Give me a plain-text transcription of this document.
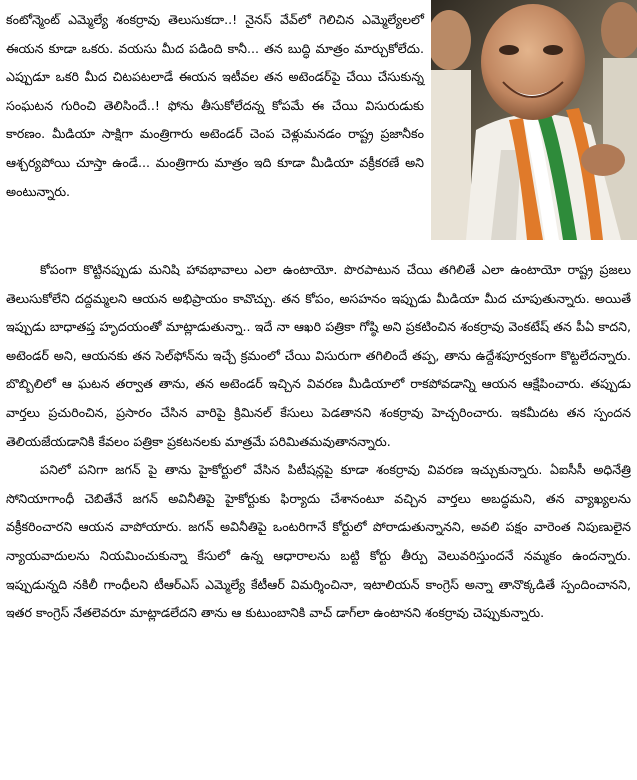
కంటోన్మెంట్ ఎమ్మెల్యే శంకర్రావు తెలుసుకదా..! నైనస్ వేవ్‌లో గెలిచిన ఎమ్మెల్యేలలో ఈయన కూడా ఒకరు. వయసు మీద పడింది కానీ... తన బుద్ధి మాత్రం మార్చుకోలేదు. ఎప్పుడూ ఒకరి మీద చిటపటలాడే ఈయన ఇటీవల తన అటెండర్‌పై చేయి చేసుకున్న సంఘటన గురించి తెలిసిందే..! ఫోను తీసుకోలేదన్న కోపమే ఈ చేయి విసురుడుకు కారణం. మీడియా సాక్షిగా మంత్రిగారు అటెండర్ చెంప చెళ్లుమనడం రాష్ట్ర ప్రజానీకం ఆశ్చర్యపోయి చూస్తా ఉండే... మంత్రిగారు మాత్రం ఇది కూడా మీడియా వక్రీకరణే అని అంటున్నారు.

కోపంగా కొట్టినప్పుడు మనిషి హావభావాలు ఎలా ఉంటాయో. పొరపాటున చేయి తగిలితే ఎలా ఉంటాయో రాష్ట్ర ప్రజలు తెలుసుకోలేని దద్దమ్మలని ఆయన అభిప్రాయం కావొచ్చు. తన కోపం, అసహనం ఇప్పుడు మీడియా మీద చూపుతున్నారు. అయితే ఇప్పుడు బాధాతప్త హృదయంతో మాట్లాడుతున్నా.. ఇదే నా ఆఖరి పత్రికా గోష్ఠి అని ప్రకటించిన శంకర్రావు వెంకటేష్ తన పీఏ కాదని, అటెండర్ అని, ఆయనకు తన సెల్‌ఫోన్‌ను ఇచ్చే క్రమంలో చేయి విసురుగా తగిలిందే తప్ప, తాను ఉద్దేశపూర్వకంగా కొట్టలేదన్నారు. బొబ్బిలిలో ఆ ఘటన తర్వాత తాను, తన అటెండర్ ఇచ్చిన వివరణ మీడియాలో రాకపోవడాన్ని ఆయన ఆక్షేపించారు. తప్పుడు వార్తలు ప్రచురించిన, ప్రసారం చేసిన వారిపై క్రిమినల్ కేసులు పెడతానని శంకర్రావు హెచ్చరించారు. ఇకమీదట తన స్పందన తెలియజేయడానికి కేవలం పత్రికా ప్రకటనలకు మాత్రమే పరిమితమవుతానన్నారు.

పనిలో పనిగా జగన్ పై తాను హైకోర్టులో వేసిన పిటీషన్లపై కూడా శంకర్రావు వివరణ ఇచ్చుకున్నారు. ఏఐసీసీ అధినేత్రి సోనియాగాంధీ చెబితేనే జగన్ అవినీతిపై హైకోర్టుకు ఫిర్యాదు చేశానంటూ వచ్చిన వార్తలు అబద్ధమని, తన వ్యాఖ్యలను వక్రీకరించారని ఆయన వాపోయారు. జగన్ అవినీతిపై ఒంటరిగానే కోర్టులో పోరాడుతున్నానని, అవలి పక్షం వారెంత నిపుణులైన న్యాయవాదులను నియమించుకున్నా కేసులో ఉన్న ఆధారాలను బట్టి కోర్టు తీర్పు వెలువరిస్తుందనే నమ్మకం ఉందన్నారు. ఇప్పుడున్నది నకిలీ గాంధీలని టీఆర్ఎస్ ఎమ్మెల్యే కేటీఆర్ విమర్శించినా, ఇటాలియన్ కాంగ్రెస్ అన్నా తానొక్కడితే స్పందించానని, ఇతర కాంగ్రెస్ నేతలెవరూ మాట్లాడలేదని తాను ఆ కుటుంబానికి వాచ్ డాగ్‌లా ఉంటానని శంకర్రావు చెప్పుకున్నారు.
